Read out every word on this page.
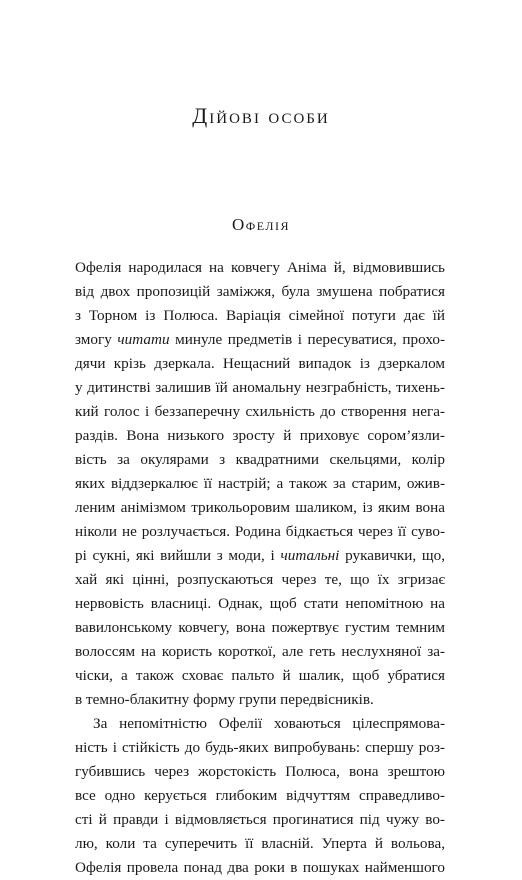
Дійові особи
Офелія
Офелія народилася на ковчегу Аніма й, відмовившись
від двох пропозицій заміжжя, була змушена побратися
з Торном із Полюса. Варіація сімейної потуги дає їй
змогу читати минуле предметів і пересуватися, прохо-
дячи крізь дзеркала. Нещасний випадок із дзеркалом
у дитинстві залишив їй аномальну незграбність, тихень-
кий голос і беззаперечну схильність до створення нега-
раздів. Вона низького зросту й приховує сором’язли-
вість за окулярами з квадратними скельцями, колір
яких віддзеркалює її настрій; а також за старим, ожив-
леним анімізмом трикольоровим шаликом, із яким вона
ніколи не розлучається. Родина бідкається через її суво-
рі сукні, які вийшли з моди, і читальні рукавички, що,
хай які цінні, розпускаються через те, що їх згризає
нервовість власниці. Однак, щоб стати непомітною на
вавилонському ковчегу, вона пожертвує густим темним
волоссям на користь короткої, але геть неслухняної за-
чіски, а також сховає пальто й шалик, щоб убратися
в темно-блакитну форму групи передвісників.
За непомітністю Офелії ховаються цілеспрямова-
ність і стійкість до будь-яких випробувань: спершу роз-
губившись через жорстокість Полюса, вона зрештою
все одно керується глибоким відчуттям справедливо-
сті й правди і відмовляється прогинатися під чужу во-
лю, коли та суперечить її власній. Уперта й вольова,
Офелія провела понад два роки в пошуках найменшого
